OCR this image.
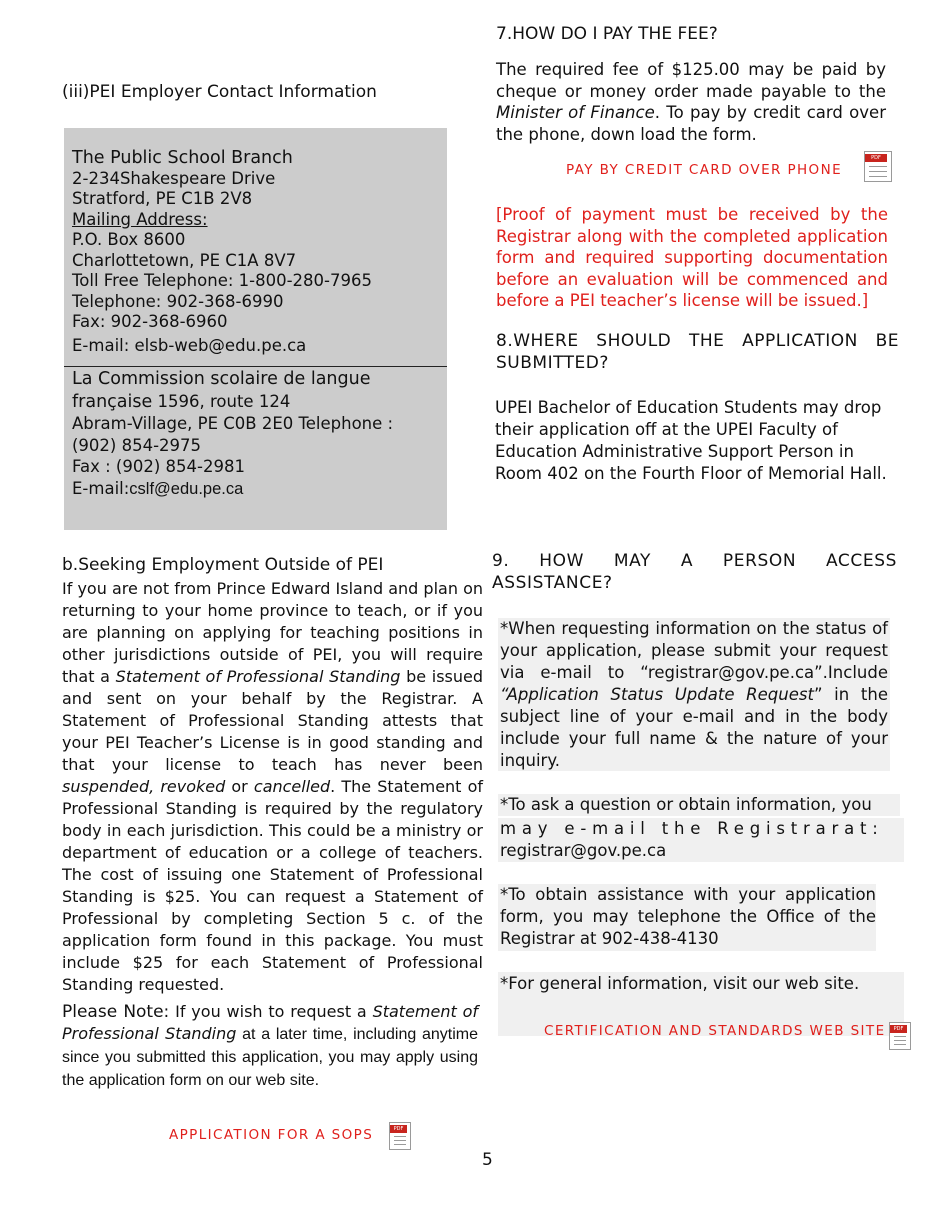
(iii)PEI Employer Contact Information
The Public School Branch
2-234Shakespeare Drive
Stratford, PE C1B 2V8
Mailing Address:
P.O. Box 8600
Charlottetown, PE C1A 8V7
Toll Free Telephone: 1-800-280-7965
Telephone: 902-368-6990
Fax: 902-368-6960
E-mail: elsb-web@edu.pe.ca
La Commission scolaire de langue
française 1596, route 124
Abram-Village, PE C0B 2E0 Telephone :
(902) 854-2975
Fax : (902) 854-2981
E-mail:cslf@edu.pe.ca
b.Seeking Employment Outside of PEI
If you are not from Prince Edward Island and plan on returning to your home province to teach, or if you are planning on applying for teaching positions in other jurisdictions outside of PEI, you will require that a Statement of Professional Standing be issued and sent on your behalf by the Registrar. A Statement of Professional Standing attests that your PEI Teacher’s License is in good standing and that your license to teach has never been suspended, revoked or cancelled. The Statement of Professional Standing is required by the regulatory body in each jurisdiction. This could be a ministry or department of education or a college of teachers. The cost of issuing one Statement of Professional Standing is $25. You can request a Statement of Professional by completing Section 5 c. of the application form found in this package. You must include $25 for each Statement of Professional Standing requested.
Please Note: If you wish to request a Statement of Professional Standing at a later time, including anytime since you submitted this application, you may apply using the application form on our web site.
APPLICATION FOR A SOPS	PDF
7.HOW DO I PAY THE FEE?
The required fee of $125.00 may be paid by cheque or money order made payable to the Minister of Finance. To pay by credit card over the phone, down load the form.
PAY BY CREDIT CARD OVER PHONE
PDF
[Proof of payment must be received by the Registrar along with the completed application form and required supporting documentation before an evaluation will be commenced and before a PEI teacher’s license will be issued.]
8.WHERE SHOULD THE APPLICATION BE SUBMITTED?
UPEI Bachelor of Education Students may drop their application off at the UPEI Faculty of Education Administrative Support Person in Room 402 on the Fourth Floor of Memorial Hall.
9. HOW MAY A PERSON ACCESS ASSISTANCE?
*When requesting information on the status of your application, please submit your request via e-mail to “registrar@gov.pe.ca”.Include “Application Status Update Request” in the subject line of your e-mail and in the body include your full name & the nature of your inquiry.
*To ask a question or obtain information, you
may e-mail the Registrarat:
registrar@gov.pe.ca
*To obtain assistance with your application form, you may telephone the Office of the Registrar at 902-438-4130
*For general information, visit our web site.
CERTIFICATION AND STANDARDS WEB SITE	PDF
5
